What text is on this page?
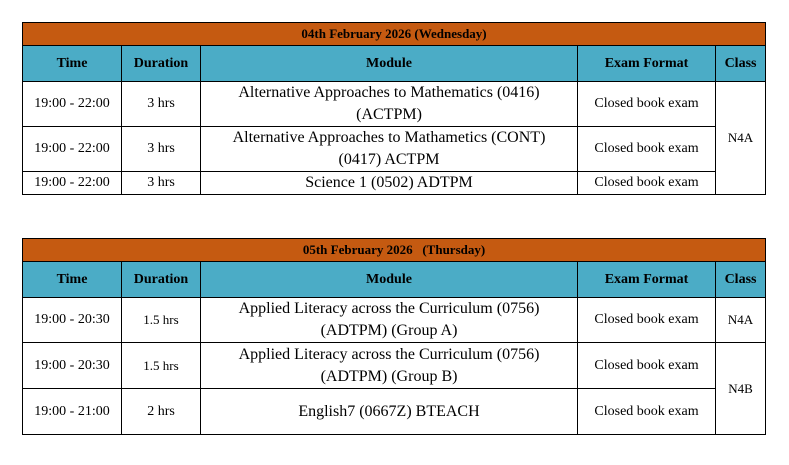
04th February 2026 (Wednesday)				
Time	Duration	Module	Exam Format	Class
19:00 - 22:00	3 hrs	Alternative Approaches to Mathematics (0416)
(ACTPM)	Closed book exam	N4A
19:00 - 22:00	3 hrs	Alternative Approaches to Mathametics (CONT)
(0417) ACTPM	Closed book exam	
19:00 - 22:00	3 hrs	Science 1 (0502) ADTPM	Closed book exam	
05th February 2026   (Thursday)				
Time	Duration	Module	Exam Format	Class
19:00 - 20:30	1.5 hrs	Applied Literacy across the Curriculum (0756)
(ADTPM) (Group A)	Closed book exam	N4A
19:00 - 20:30	1.5 hrs	Applied Literacy across the Curriculum (0756)
(ADTPM) (Group B)	Closed book exam	N4B
19:00 - 21:00	2 hrs	English7 (0667Z) BTEACH	Closed book exam	
